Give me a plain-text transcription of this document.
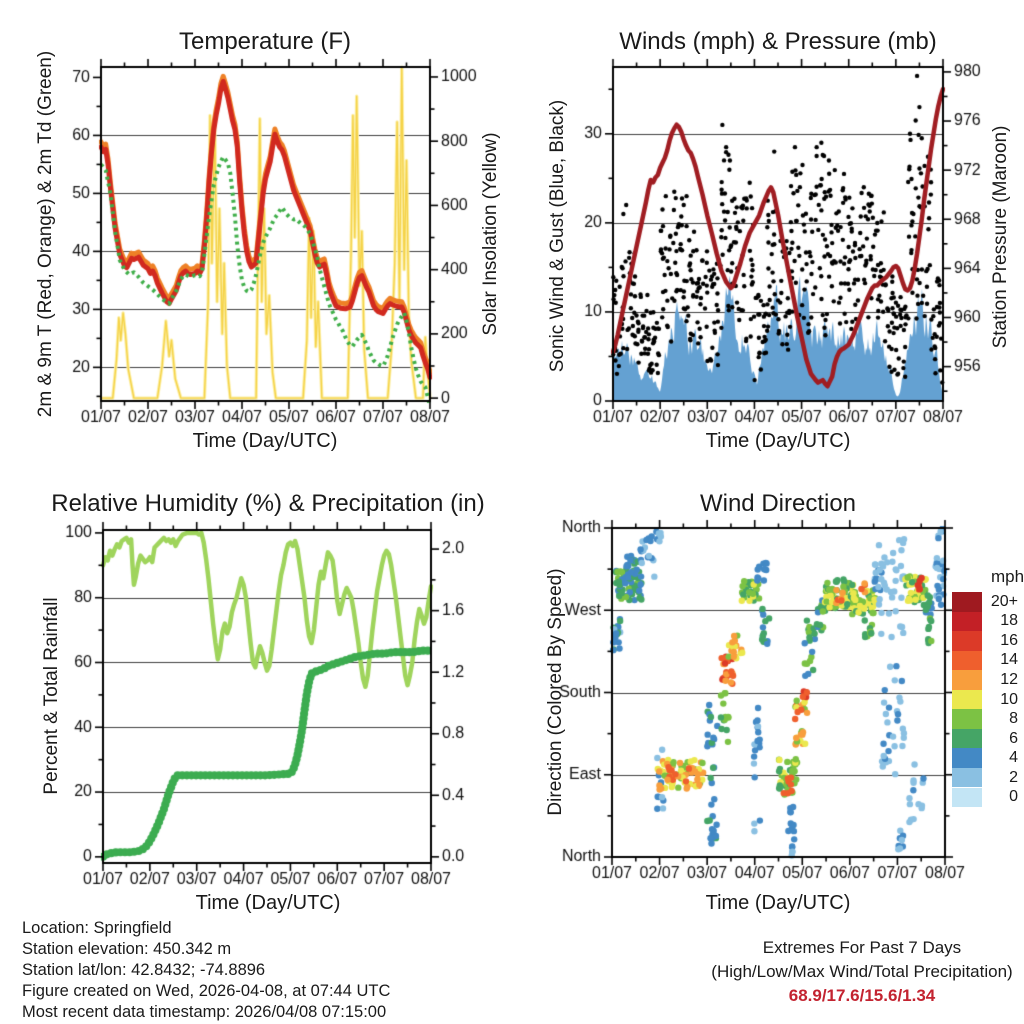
Temperature (F)	Winds (mph) & Pressure (mb)
Relative Humidity (%) & Precipitation (in)	Wind Direction
Time (Day/UTC)	Time (Day/UTC)
Time (Day/UTC)	Time (Day/UTC)
2m & 9m T (Red, Orange) & 2m Td (Green)	Solar Insolation (Yellow) Sonic Wind & Gust (Blue, Black)	Station Pressure (Maroon)
Percent & Total Rainfall	Direction (Colored By Speed)	mph
Location: Springfield
Station elevation: 450.342 m
Station lat/lon: 42.8432; -74.8896
Figure created on Wed, 2026-04-08, at 07:44 UTC
Most recent data timestamp: 2026/04/08 07:15:00
Extremes For Past 7 Days
(High/Low/Max Wind/Total Precipitation)
68.9/17.6/15.6/1.34
20+
18
16
14
12
10
8
6
4
2
0
